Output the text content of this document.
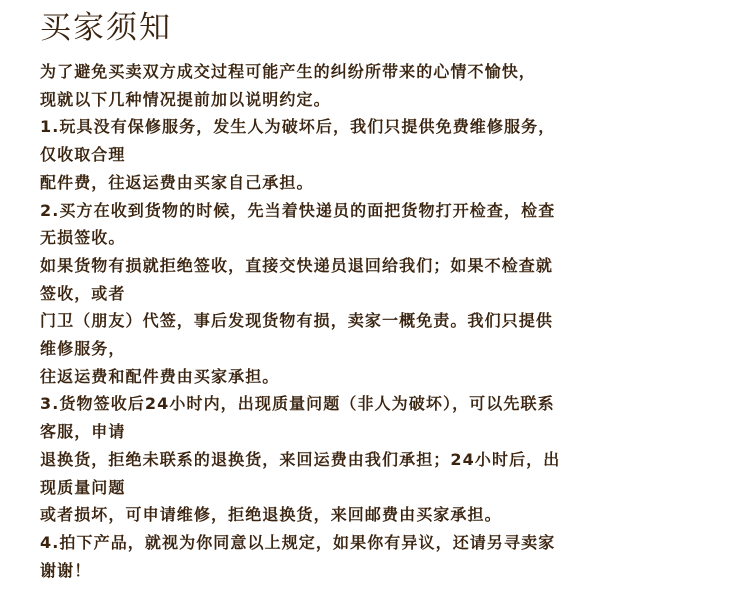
买家须知
为了避免买卖双方成交过程可能产生的纠纷所带来的心情不愉快，
现就以下几种情况提前加以说明约定。
1.玩具没有保修服务，发生人为破坏后，我们只提供免费维修服务，
仅收取合理
配件费，往返运费由买家自己承担。
2.买方在收到货物的时候，先当着快递员的面把货物打开检查，检查
无损签收。
如果货物有损就拒绝签收，直接交快递员退回给我们；如果不检查就
签收，或者
门卫（朋友）代签，事后发现货物有损，卖家一概免责。我们只提供
维修服务，
往返运费和配件费由买家承担。
3.货物签收后24小时内，出现质量问题（非人为破坏），可以先联系
客服，申请
退换货，拒绝未联系的退换货，来回运费由我们承担；24小时后，出
现质量问题
或者损坏，可申请维修，拒绝退换货，来回邮费由买家承担。
4.拍下产品，就视为你同意以上规定，如果你有异议，还请另寻卖家
谢谢！
